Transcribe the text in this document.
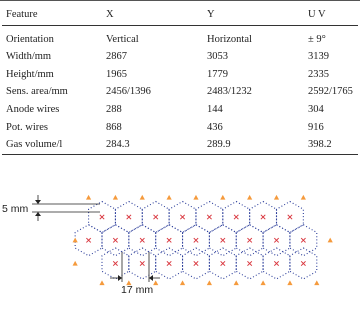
Feature	X	Y	U V
Orientation	Vertical	Horizontal	± 9°
Width/mm	2867	3053	3139
Height/mm	1965	1779	2335
Sens. area/mm	2456/1396	2483/1232	2592/1765
Anode wires	288	144	304
Pot. wires	868	436	916
Gas volume/l	284.3	289.9	398.2
5 mm
17 mm
